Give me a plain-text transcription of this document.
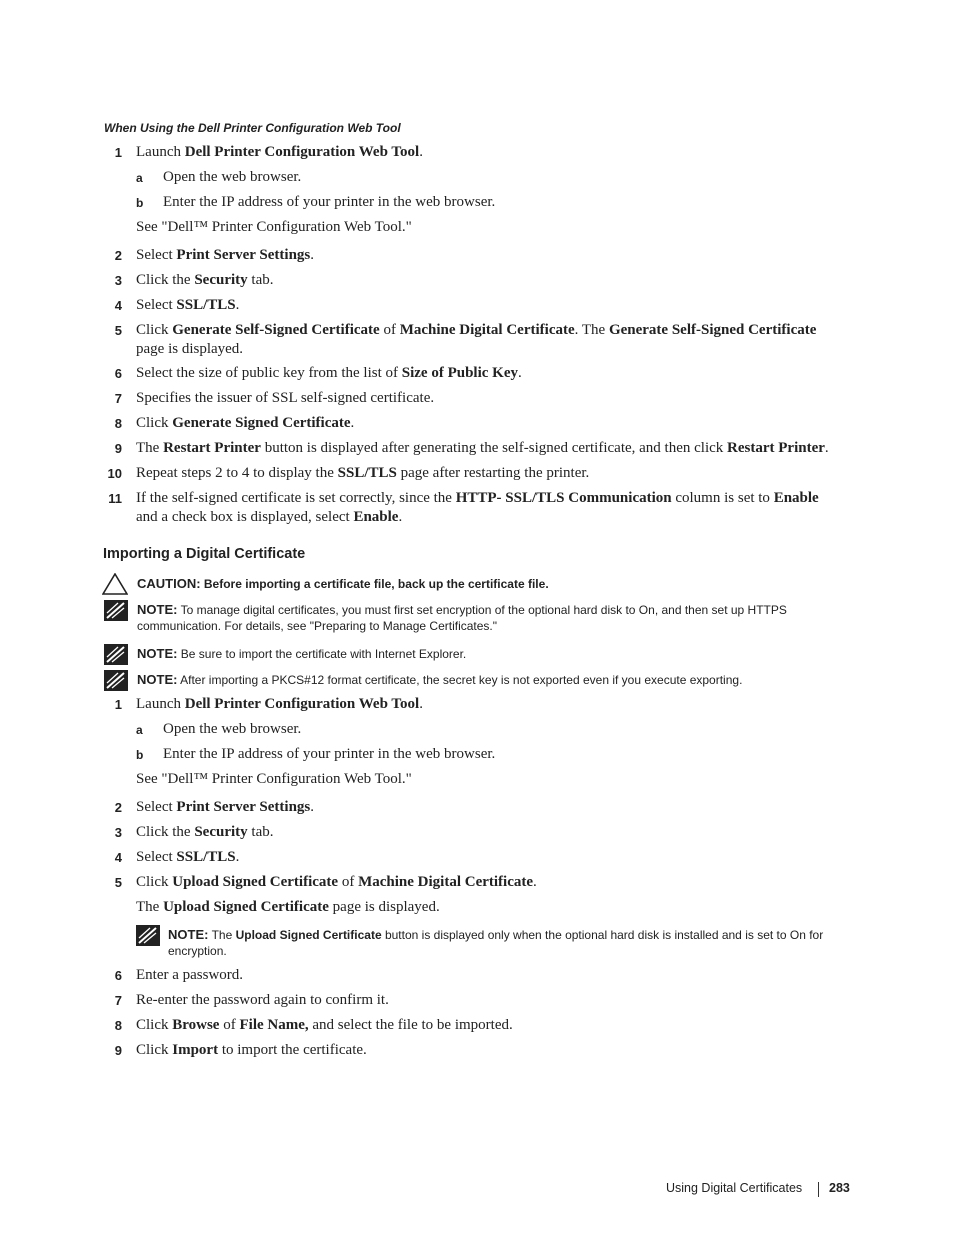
When Using the Dell Printer Configuration Web Tool
1 Launch Dell Printer Configuration Web Tool.
a Open the web browser.
b Enter the IP address of your printer in the web browser.
See "Dell™ Printer Configuration Web Tool."
2 Select Print Server Settings.
3 Click the Security tab.
4 Select SSL/TLS.
5 Click Generate Self-Signed Certificate of Machine Digital Certificate. The Generate Self-Signed Certificate
page is displayed.
6 Select the size of public key from the list of Size of Public Key.
7 Specifies the issuer of SSL self-signed certificate.
8 Click Generate Signed Certificate.
9 The Restart Printer button is displayed after generating the self-signed certificate, and then click Restart Printer.
10 Repeat steps 2 to 4 to display the SSL/TLS page after restarting the printer.
11 If the self-signed certificate is set correctly, since the HTTP- SSL/TLS Communication column is set to Enable
and a check box is displayed, select Enable.
Importing a Digital Certificate
CAUTION: Before importing a certificate file, back up the certificate file.
NOTE: To manage digital certificates, you must first set encryption of the optional hard disk to On, and then set up HTTPS
communication. For details, see "Preparing to Manage Certificates."
NOTE: Be sure to import the certificate with Internet Explorer.
NOTE: After importing a PKCS#12 format certificate, the secret key is not exported even if you execute exporting.
1 Launch Dell Printer Configuration Web Tool.
a Open the web browser.
b Enter the IP address of your printer in the web browser.
See "Dell™ Printer Configuration Web Tool."
2 Select Print Server Settings.
3 Click the Security tab.
4 Select SSL/TLS.
5 Click Upload Signed Certificate of Machine Digital Certificate.
The Upload Signed Certificate page is displayed.
NOTE: The Upload Signed Certificate button is displayed only when the optional hard disk is installed and is set to On for
encryption.
6 Enter a password.
7 Re-enter the password again to confirm it.
8 Click Browse of File Name, and select the file to be imported.
9 Click Import to import the certificate.
Using Digital Certificates 283
